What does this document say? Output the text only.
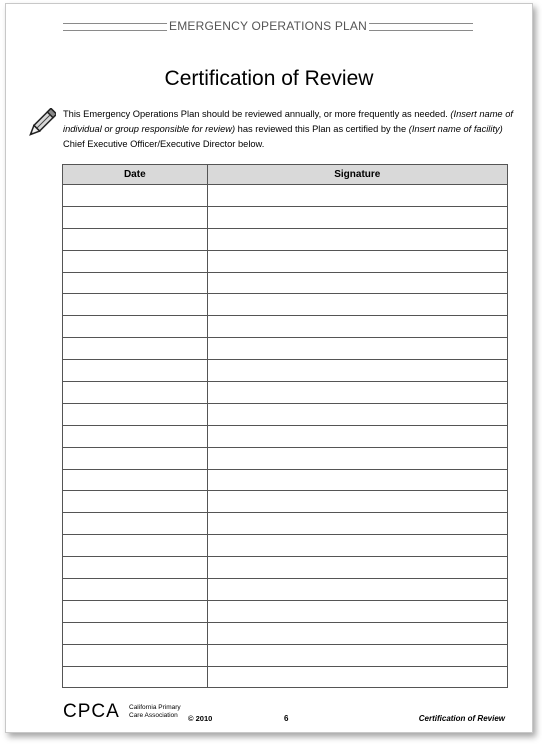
EMERGENCY OPERATIONS PLAN
Certification of Review
This Emergency Operations Plan should be reviewed annually, or more frequently as needed. (Insert name of individual or group responsible for review) has reviewed this Plan as certified by the (Insert name of facility) Chief Executive Officer/Executive Director below.
Date	Signature

CPCA California Primary
Care Association	© 2010	6	Certification of Review
